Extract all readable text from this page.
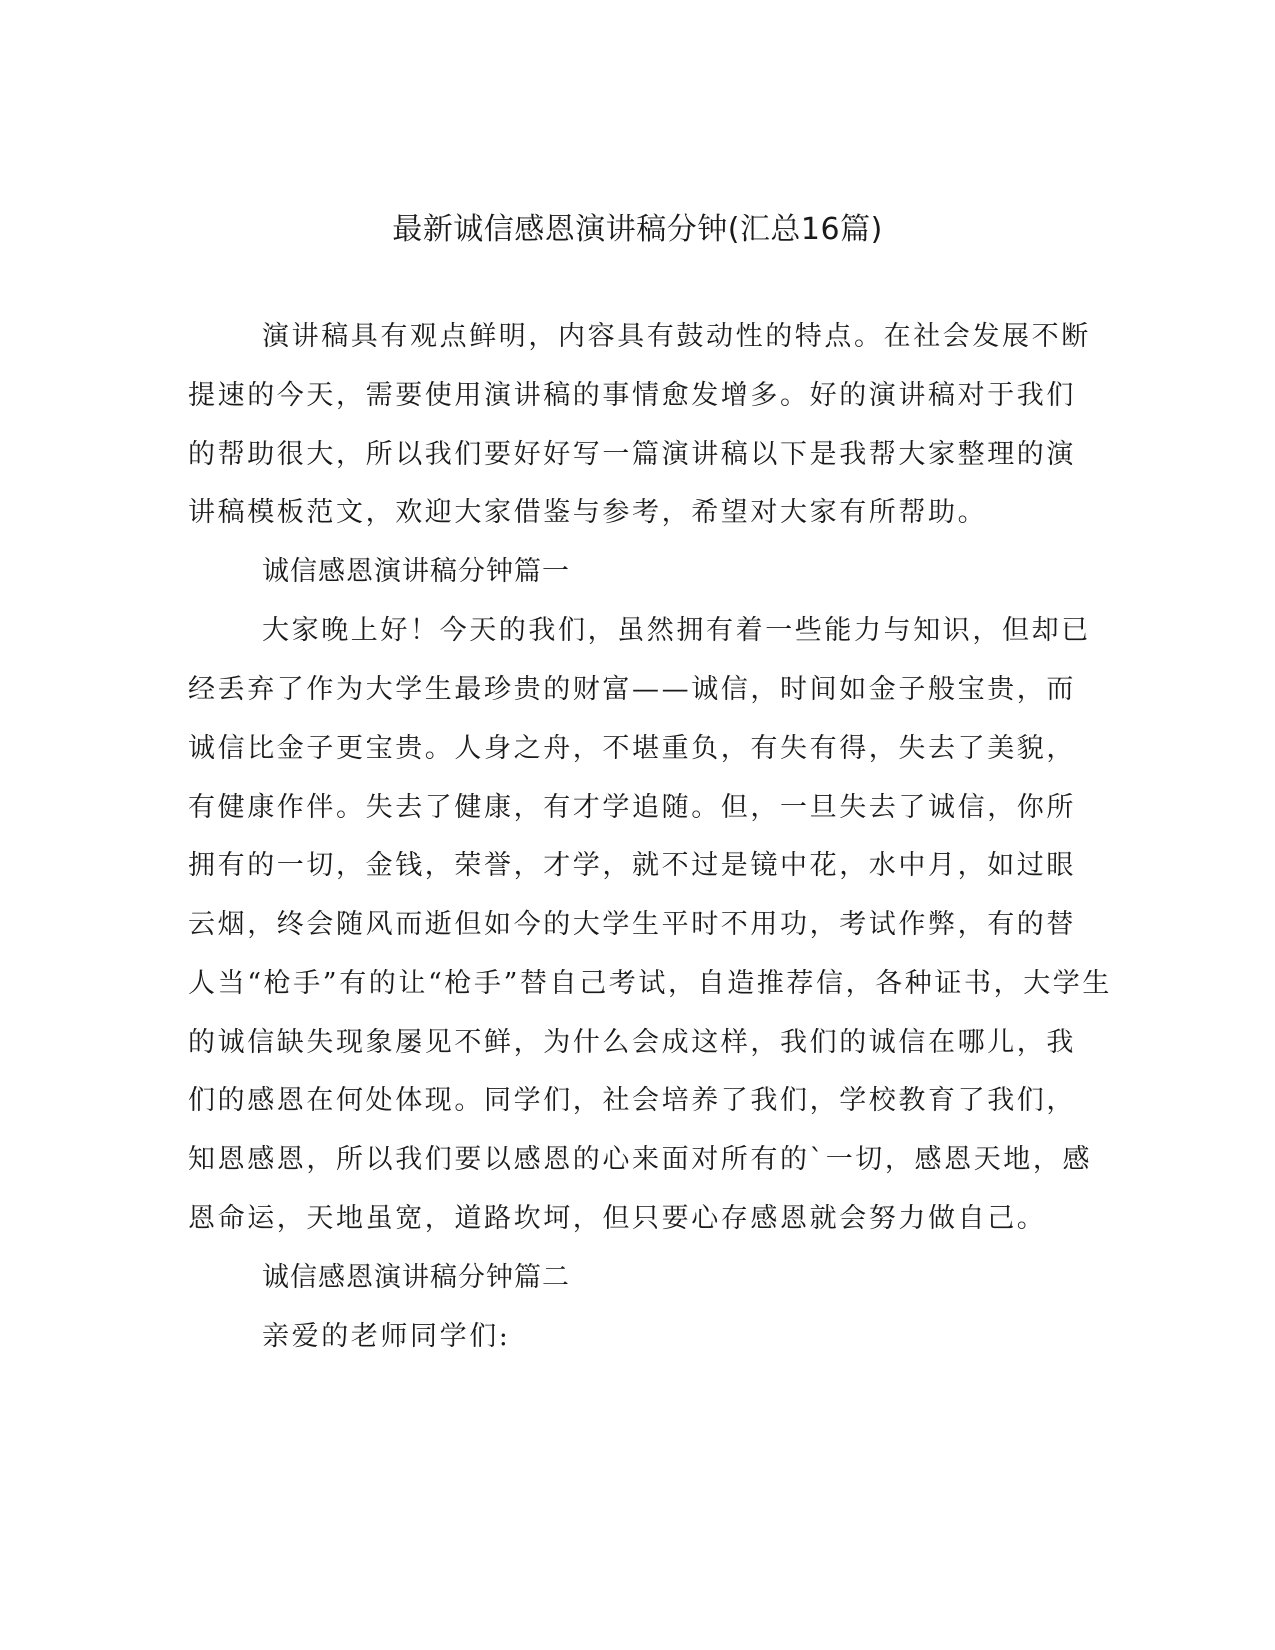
最新诚信感恩演讲稿分钟(汇总16篇)
演讲稿具有观点鲜明，内容具有鼓动性的特点。在社会发展不断
提速的今天，需要使用演讲稿的事情愈发增多。好的演讲稿对于我们
的帮助很大，所以我们要好好写一篇演讲稿以下是我帮大家整理的演
讲稿模板范文，欢迎大家借鉴与参考，希望对大家有所帮助。
诚信感恩演讲稿分钟篇一
大家晚上好！今天的我们，虽然拥有着一些能力与知识，但却已
经丢弃了作为大学生最珍贵的财富——诚信，时间如金子般宝贵，而
诚信比金子更宝贵。人身之舟，不堪重负，有失有得，失去了美貌，
有健康作伴。失去了健康，有才学追随。但，一旦失去了诚信，你所
拥有的一切，金钱，荣誉，才学，就不过是镜中花，水中月，如过眼
云烟，终会随风而逝但如今的大学生平时不用功，考试作弊，有的替
人当“枪手”有的让“枪手”替自己考试，自造推荐信，各种证书，大学生
的诚信缺失现象屡见不鲜，为什么会成这样，我们的诚信在哪儿，我
们的感恩在何处体现。同学们，社会培养了我们，学校教育了我们，
知恩感恩，所以我们要以感恩的心来面对所有的`一切，感恩天地，感
恩命运，天地虽宽，道路坎坷，但只要心存感恩就会努力做自己。
诚信感恩演讲稿分钟篇二
亲爱的老师同学们:
